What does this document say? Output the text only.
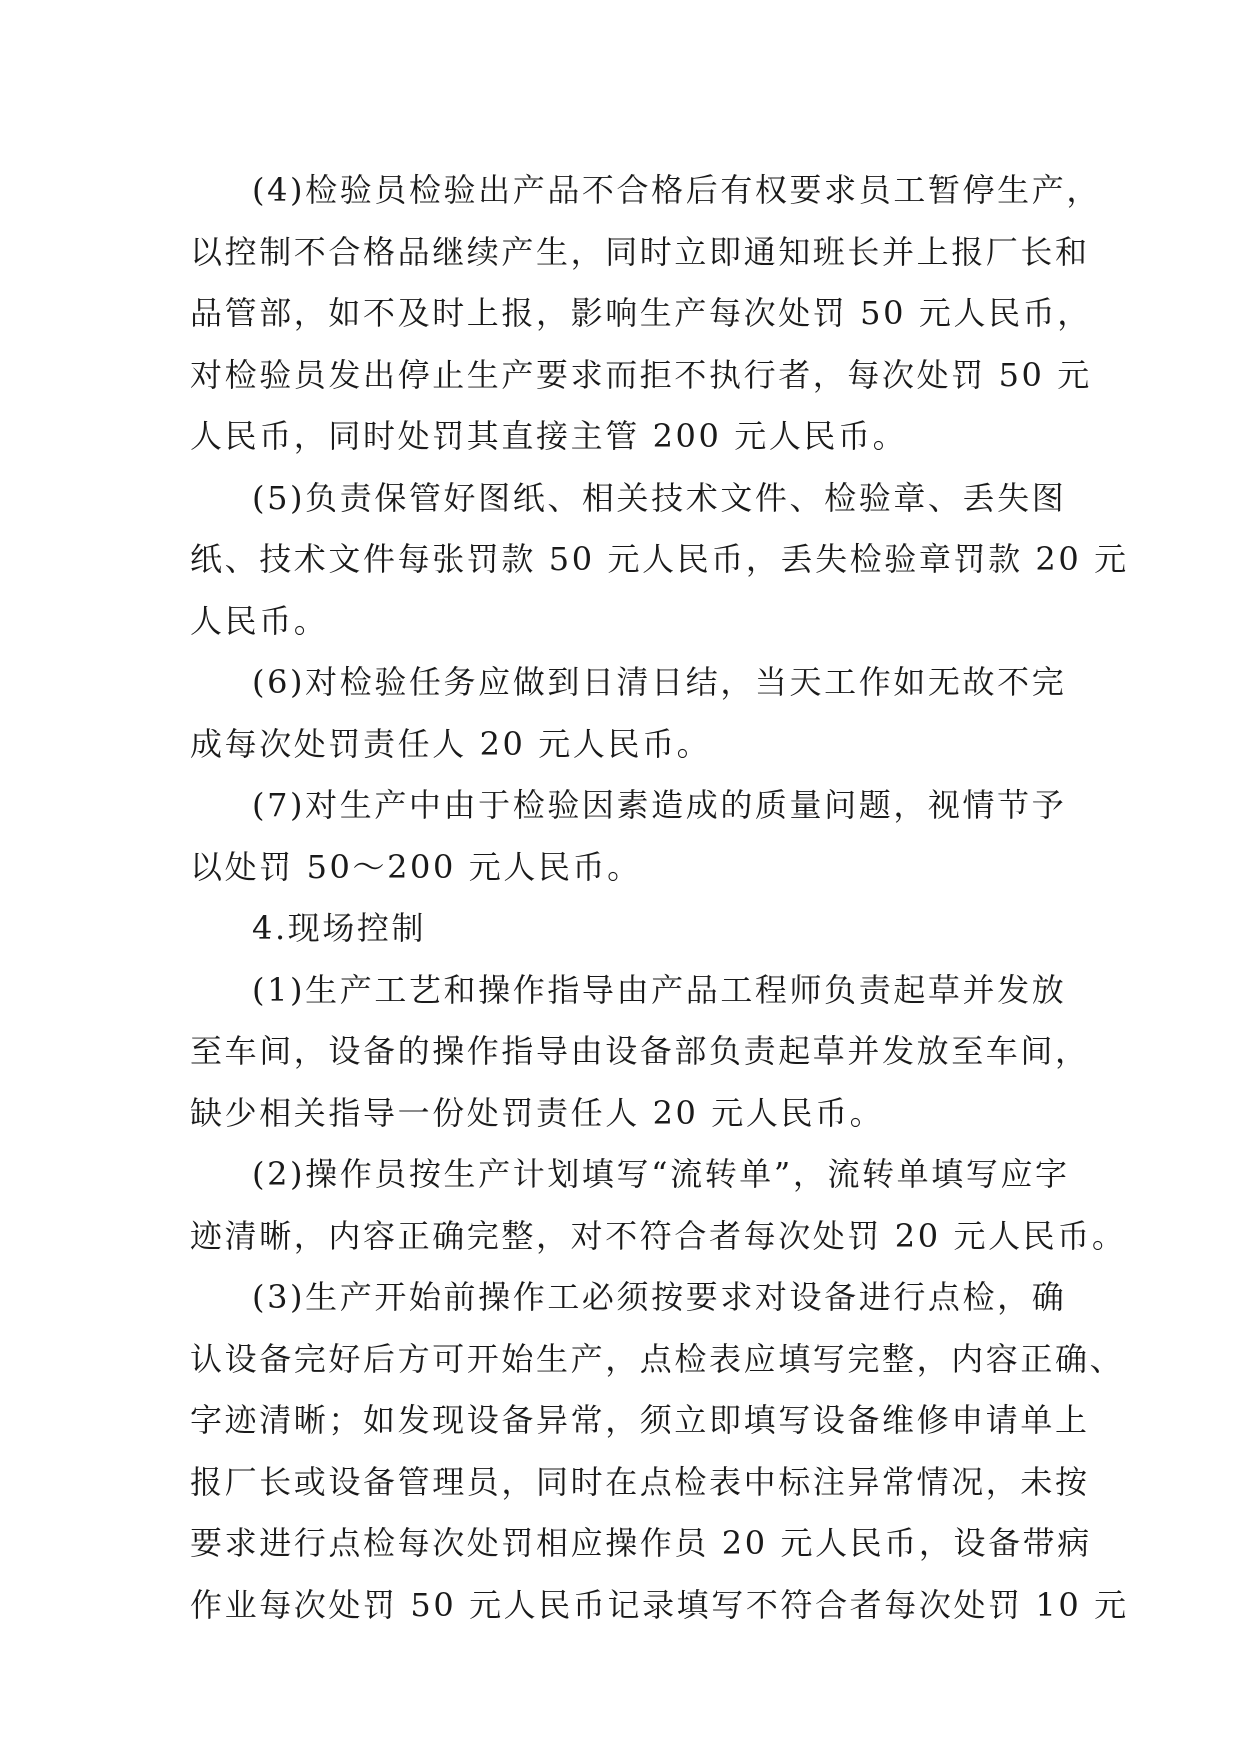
(4)检验员检验出产品不合格后有权要求员工暂停生产，
以控制不合格品继续产生，同时立即通知班长并上报厂长和
品管部，如不及时上报，影响生产每次处罚 50 元人民币，
对检验员发出停止生产要求而拒不执行者，每次处罚 50 元
人民币，同时处罚其直接主管 200 元人民币。
(5)负责保管好图纸、相关技术文件、检验章、丢失图
纸、技术文件每张罚款 50 元人民币，丢失检验章罚款 20 元
人民币。
(6)对检验任务应做到日清日结，当天工作如无故不完
成每次处罚责任人 20 元人民币。
(7)对生产中由于检验因素造成的质量问题，视情节予
以处罚 50～200 元人民币。
4.现场控制
(1)生产工艺和操作指导由产品工程师负责起草并发放
至车间，设备的操作指导由设备部负责起草并发放至车间，
缺少相关指导一份处罚责任人 20 元人民币。
(2)操作员按生产计划填写“流转单”，流转单填写应字
迹清晰，内容正确完整，对不符合者每次处罚 20 元人民币。
(3)生产开始前操作工必须按要求对设备进行点检，确
认设备完好后方可开始生产，点检表应填写完整，内容正确、
字迹清晰；如发现设备异常，须立即填写设备维修申请单上
报厂长或设备管理员，同时在点检表中标注异常情况，未按
要求进行点检每次处罚相应操作员 20 元人民币，设备带病
作业每次处罚 50 元人民币记录填写不符合者每次处罚 10 元
